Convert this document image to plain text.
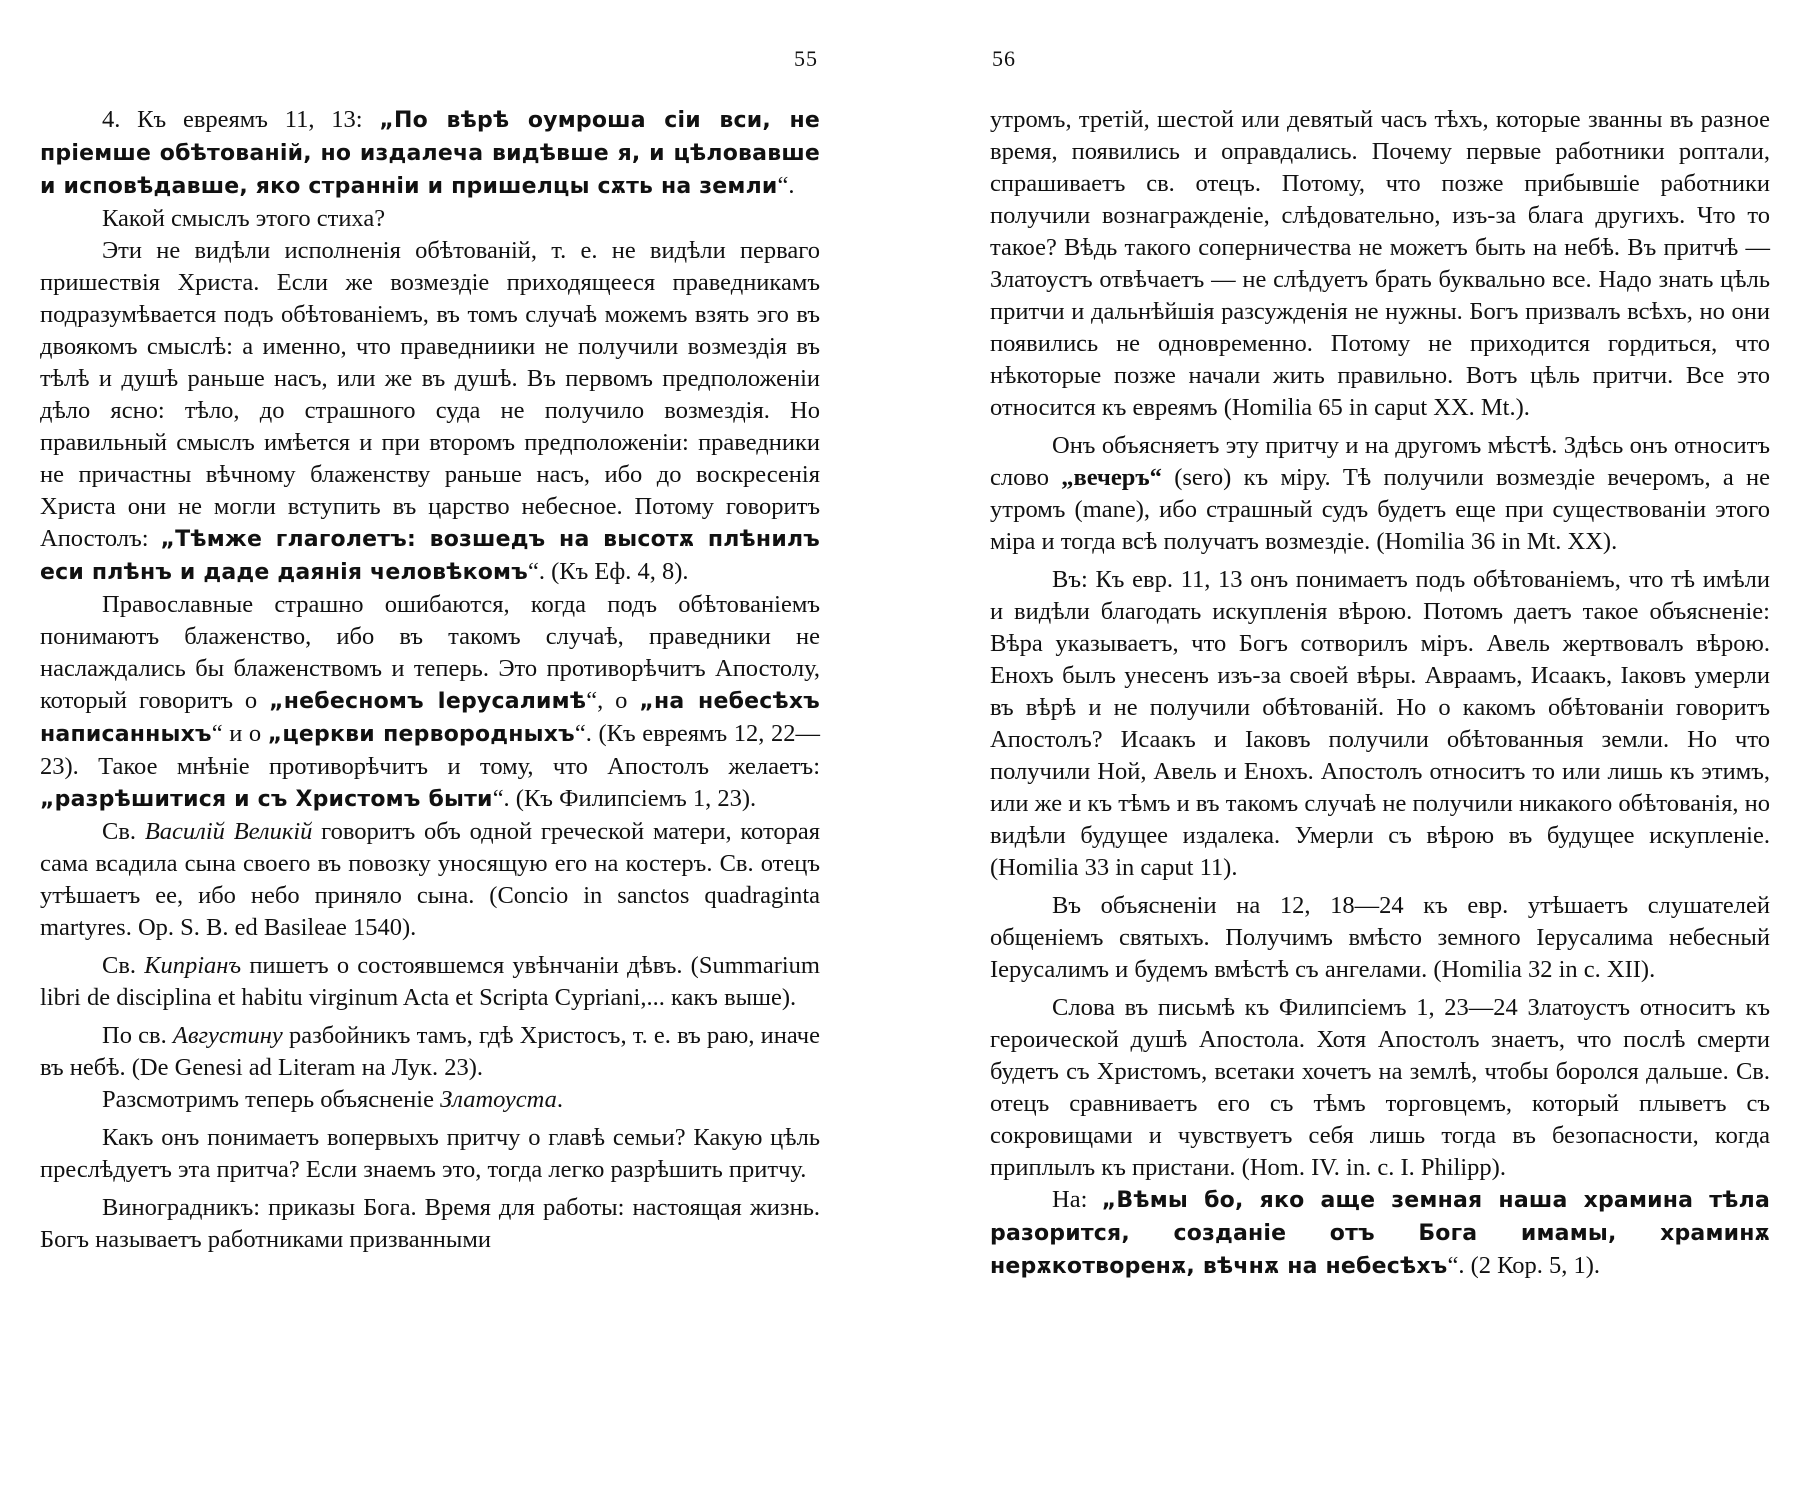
55

4. Къ евреямъ 11, 13: „По вѣрѣ оумроша сіи вси, не пріемше обѣтованій, но издалеча видѣвше я, и цѣловавше и исповѣдавше, яко странніи и пришелцы сѫть на земли“.

Какой смыслъ этого стиха?

Эти не видѣли исполненія обѣтованій, т. е. не видѣли перваго пришествія Христа. Если же возмездіе приходящееся праведникамъ подразумѣвается подъ обѣтованіемъ, въ томъ случаѣ можемъ взять эго въ двоякомъ смыслѣ: а именно, что праведниики не получили возмездія въ тѣлѣ и душѣ раньше насъ, или же въ душѣ. Въ первомъ предположеніи дѣло ясно: тѣло, до страшного суда не получило возмездія. Но правильный смыслъ имѣется и при второмъ предположеніи: праведники не причастны вѣчному блаженству раньше насъ, ибо до воскресенія Христа они не могли вступить въ царство небесное. Потому говоритъ Апостолъ: „Тѣмже глаголетъ: возшедъ на высотѫ плѣнилъ еси плѣнъ и даде даянія человѣкомъ“. (Къ Еф. 4, 8).

Православные страшно ошибаются, когда подъ обѣтованіемъ понимаютъ блаженство, ибо въ такомъ случаѣ, праведники не наслаждались бы блаженствомъ и теперь. Это противорѣчитъ Апостолу, который говоритъ о „небесномъ Іерусалимѣ“, о „на небесѣхъ написанныхъ“ и о „церкви первородныхъ“. (Къ евреямъ 12, 22—23). Такое мнѣніе противорѣчитъ и тому, что Апостолъ желаетъ: „разрѣшитися и съ Христомъ быти“. (Къ Филипсіемъ 1, 23).

Св. Василій Великій говоритъ объ одной греческой матери, которая сама всадила сына своего въ повозку уносящую его на костеръ. Св. отецъ утѣшаетъ ее, ибо небо приняло сына. (Concio in sanctos quadraginta martyres. Op. S. B. ed Basileae 1540).

Св. Кипріанъ пишетъ о состоявшемся увѣнчаніи дѣвъ. (Summarium libri de disciplina et habitu virginum Acta et Scripta Cypriani,... какъ выше).

По св. Августину разбойникъ тамъ, гдѣ Христосъ, т. е. въ раю, иначе въ небѣ. (De Genesi ad Literam на Лук. 23).

Разсмотримъ теперь объясненіе Златоуста.

Какъ онъ понимаетъ вопервыхъ притчу о главѣ семьи? Какую цѣль преслѣдуетъ эта притча? Если знаемъ это, тогда легко разрѣшить притчу.

Виноградникъ: приказы Бога. Время для работы: настоящая жизнь. Богъ называетъ работниками призванными

56

утромъ, третій, шестой или девятый часъ тѣхъ, которые званны въ разное время, появились и оправдались. Почему первые работники роптали, спрашиваетъ св. отецъ. Потому, что позже прибывшіе работники получили вознагражденіе, слѣдовательно, изъ-за блага другихъ. Что то такое? Вѣдь такого соперничества не можетъ быть на небѣ. Въ притчѣ — Златоустъ отвѣчаетъ — не слѣдуетъ брать буквально все. Надо знать цѣль притчи и дальнѣйшія разсужденія не нужны. Богъ призвалъ всѣхъ, но они появились не одновременно. Потому не приходится гордиться, что нѣкоторые позже начали жить правильно. Вотъ цѣль притчи. Все это относится къ евреямъ (Homilia 65 in caput XX. Mt.).

Онъ объясняетъ эту притчу и на другомъ мѣстѣ. Здѣсь онъ относитъ слово „вечеръ“ (sero) къ міру. Тѣ получили возмездіе вечеромъ, а не утромъ (mane), ибо страшный судъ будетъ еще при существованіи этого міра и тогда всѣ получатъ возмездіе. (Homilia 36 in Mt. XX).

Въ: Къ евр. 11, 13 онъ понимаетъ подъ обѣтованіемъ, что тѣ имѣли и видѣли благодать искупленія вѣрою. Потомъ даетъ такое объясненіе: Вѣра указываетъ, что Богъ сотворилъ міръ. Авель жертвовалъ вѣрою. Енохъ былъ унесенъ изъ-за своей вѣры. Авраамъ, Исаакъ, Іаковъ умерли въ вѣрѣ и не получили обѣтованій. Но о какомъ обѣтованіи говоритъ Апостолъ? Исаакъ и Іаковъ получили обѣтованныя земли. Но что получили Ной, Авель и Енохъ. Апостолъ относитъ то или лишь къ этимъ, или же и къ тѣмъ и въ такомъ случаѣ не получили никакого обѣтованія, но видѣли будущее издалека. Умерли съ вѣрою въ будущее искупленіе. (Homilia 33 in caput 11).

Въ объясненіи на 12, 18—24 къ евр. утѣшаетъ слушателей общеніемъ святыхъ. Получимъ вмѣсто земного Іерусалима небесный Іерусалимъ и будемъ вмѣстѣ съ ангелами. (Homilia 32 in c. XII).

Слова въ письмѣ къ Филипсіемъ 1, 23—24 Златоустъ относитъ къ героической душѣ Апостола. Хотя Апостолъ знаетъ, что послѣ смерти будетъ съ Христомъ, всетаки хочетъ на землѣ, чтобы боролся дальше. Св. отецъ сравниваетъ его съ тѣмъ торговцемъ, который плыветъ съ сокровищами и чувствуетъ себя лишь тогда въ безопасности, когда приплылъ къ пристани. (Hom. IV. in. c. I. Philipp).

На: „Вѣмы бо, яко аще земная наша храмина тѣла разорится, созданіе отъ Бога имамы, храминѫ нерѫкотворенѫ, вѣчнѫ на небесѣхъ“. (2 Кор. 5, 1).
